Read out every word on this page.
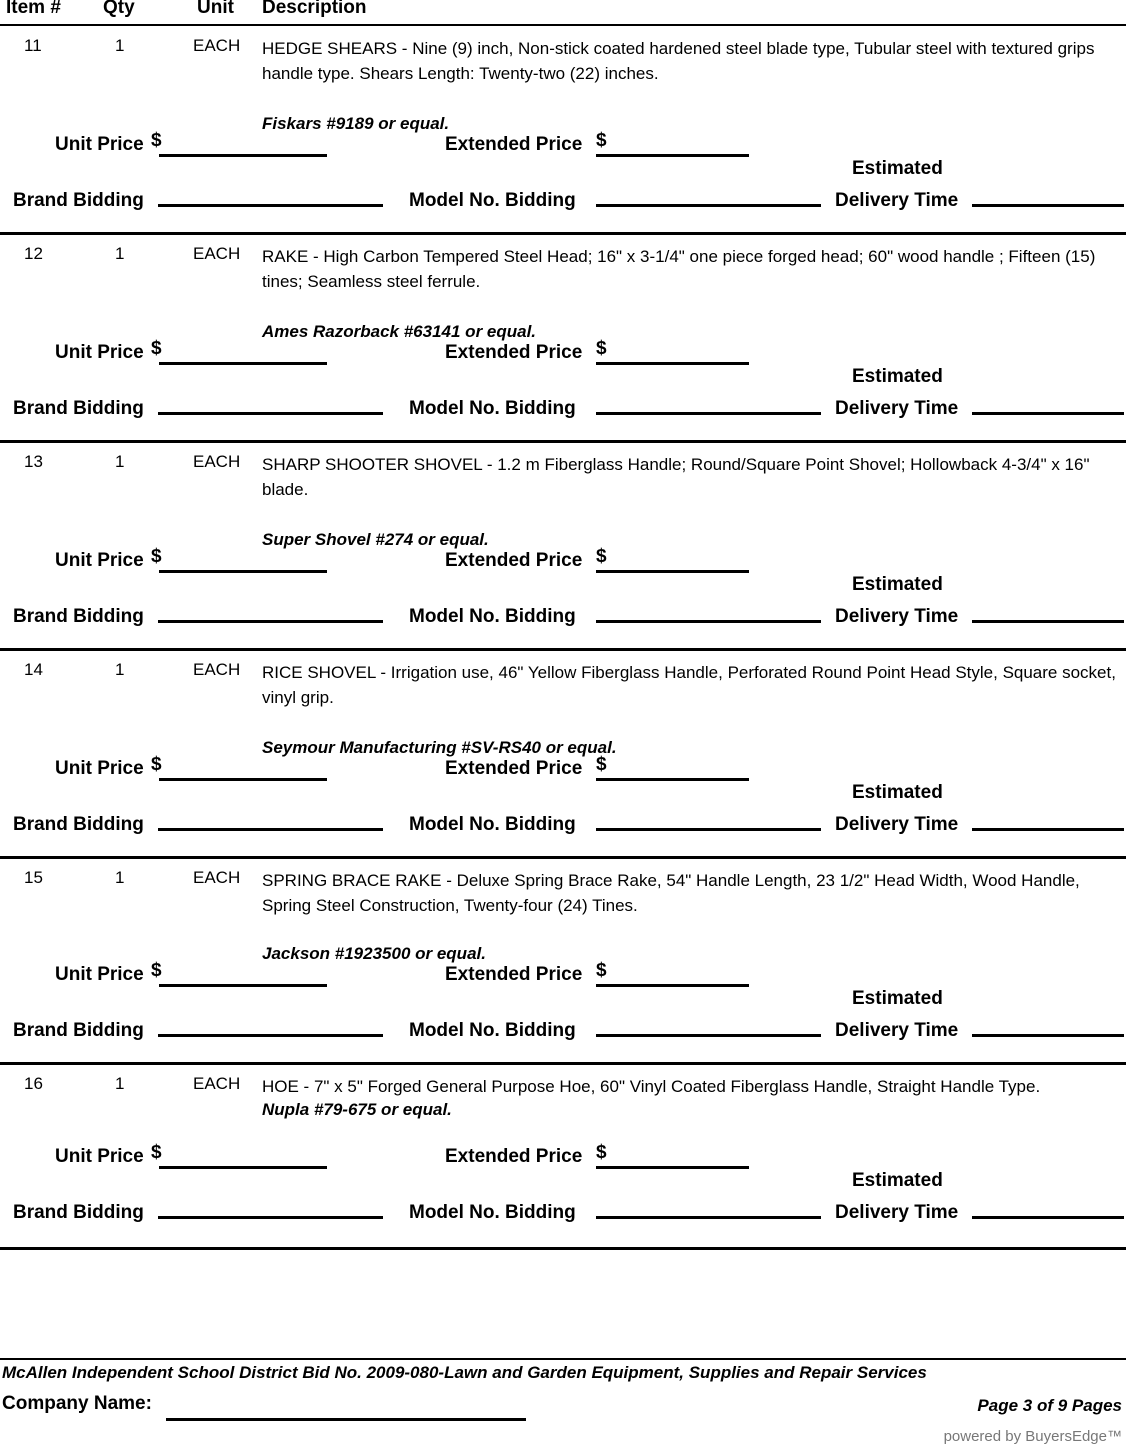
Item # Qty	Unit Description
11	1	EACH HEDGE SHEARS - Nine (9) inch, Non-stick coated hardened steel blade type, Tubular steel with textured grips handle type. Shears Length: Twenty-two (22) inches.
Fiskars #9189 or equal.
Unit Price $	Extended Price $
Estimated
Brand Bidding	Model No. Bidding	Delivery Time
12	1	EACH RAKE - High Carbon Tempered Steel Head; 16" x 3-1/4" one piece forged head; 60" wood handle ; Fifteen (15) tines; Seamless steel ferrule.
Ames Razorback #63141 or equal.
Unit Price $	Extended Price $
Estimated
Brand Bidding	Model No. Bidding	Delivery Time
13	1	EACH SHARP SHOOTER SHOVEL - 1.2 m Fiberglass Handle; Round/Square Point Shovel; Hollowback 4-3/4" x 16" blade.
Super Shovel #274 or equal.
Unit Price $	Extended Price $
Estimated
Brand Bidding	Model No. Bidding	Delivery Time
14	1	EACH RICE SHOVEL - Irrigation use, 46" Yellow Fiberglass Handle, Perforated Round Point Head Style, Square socket, vinyl grip.
Seymour Manufacturing #SV-RS40 or equal.
Unit Price $	Extended Price $
Estimated
Brand Bidding	Model No. Bidding	Delivery Time
15	1	EACH SPRING BRACE RAKE - Deluxe Spring Brace Rake, 54" Handle Length, 23 1/2" Head Width, Wood Handle, Spring Steel Construction, Twenty-four (24) Tines.
Jackson #1923500 or equal.
Unit Price $	Extended Price $
Estimated
Brand Bidding	Model No. Bidding	Delivery Time
16	1	EACH HOE - 7" x 5" Forged General Purpose Hoe, 60" Vinyl Coated Fiberglass Handle, Straight Handle Type.
Nupla #79-675 or equal.
Unit Price $	Extended Price $
Estimated
Brand Bidding	Model No. Bidding	Delivery Time
McAllen Independent School District Bid No. 2009-080-Lawn and Garden Equipment, Supplies and Repair Services
Company Name:	Page 3 of 9 Pages
powered by BuyersEdge™
